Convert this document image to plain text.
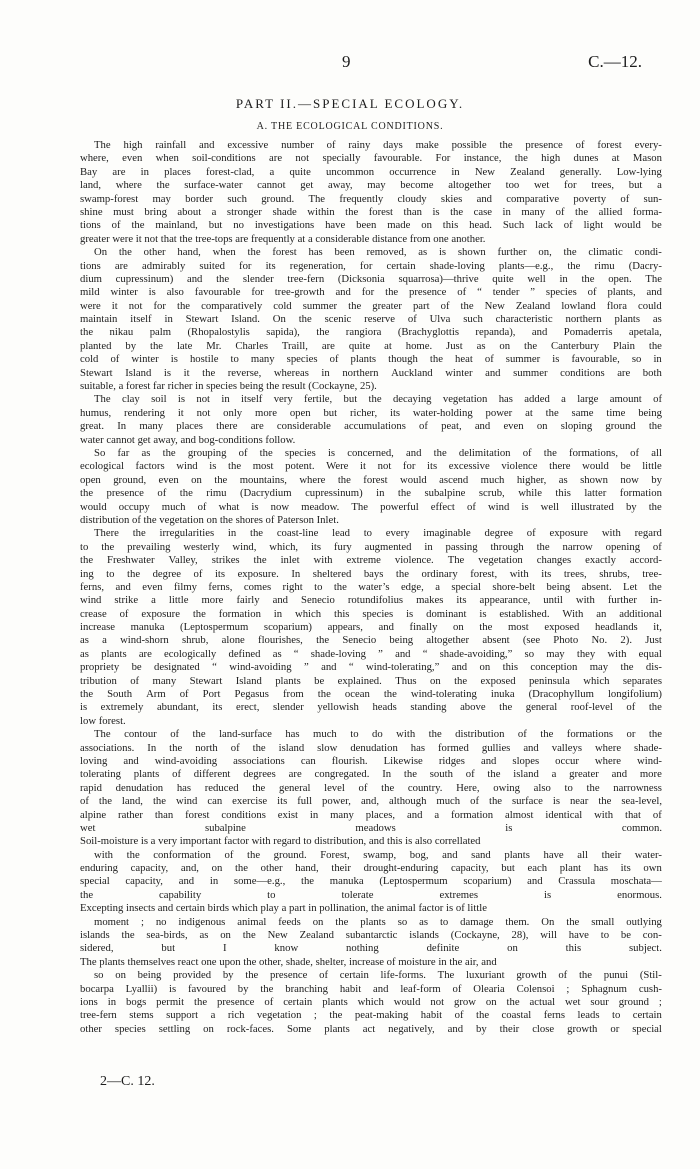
9	C.—12.
PART II.—SPECIAL ECOLOGY.
A. THE ECOLOGICAL CONDITIONS.
The high rainfall and excessive number of rainy days make possible the presence of forest every-
where, even when soil-conditions are not specially favourable. For instance, the high dunes at Mason
Bay are in places forest-clad, a quite uncommon occurrence in New Zealand generally. Low-lying
land, where the surface-water cannot get away, may become altogether too wet for trees, but a
swamp-forest may border such ground. The frequently cloudy skies and comparative poverty of sun-
shine must bring about a stronger shade within the forest than is the case in many of the allied forma-
tions of the mainland, but no investigations have been made on this head. Such lack of light would be
greater were it not that the tree-tops are frequently at a considerable distance from one another.
On the other hand, when the forest has been removed, as is shown further on, the climatic condi-
tions are admirably suited for its regeneration, for certain shade-loving plants—e.g., the rimu (Dacry-
dium cupressinum) and the slender tree-fern (Dicksonia squarrosa)—thrive quite well in the open. The
mild winter is also favourable for tree-growth and for the presence of “ tender ” species of plants, and
were it not for the comparatively cold summer the greater part of the New Zealand lowland flora could
maintain itself in Stewart Island. On the scenic reserve of Ulva such characteristic northern plants as
the nikau palm (Rhopalostylis sapida), the rangiora (Brachyglottis repanda), and Pomaderris apetala,
planted by the late Mr. Charles Traill, are quite at home. Just as on the Canterbury Plain the
cold of winter is hostile to many species of plants though the heat of summer is favourable, so in
Stewart Island is it the reverse, whereas in northern Auckland winter and summer conditions are both
suitable, a forest far richer in species being the result (Cockayne, 25).
The clay soil is not in itself very fertile, but the decaying vegetation has added a large amount of
humus, rendering it not only more open but richer, its water-holding power at the same time being
great. In many places there are considerable accumulations of peat, and even on sloping ground the
water cannot get away, and bog-conditions follow.
So far as the grouping of the species is concerned, and the delimitation of the formations, of all
ecological factors wind is the most potent. Were it not for its excessive violence there would be little
open ground, even on the mountains, where the forest would ascend much higher, as shown now by
the presence of the rimu (Dacrydium cupressinum) in the subalpine scrub, while this latter formation
would occupy much of what is now meadow. The powerful effect of wind is well illustrated by the
distribution of the vegetation on the shores of Paterson Inlet.
There the irregularities in the coast-line lead to every imaginable degree of exposure with regard
to the prevailing westerly wind, which, its fury augmented in passing through the narrow opening of
the Freshwater Valley, strikes the inlet with extreme violence. The vegetation changes exactly accord-
ing to the degree of its exposure. In sheltered bays the ordinary forest, with its trees, shrubs, tree-
ferns, and even filmy ferns, comes right to the water’s edge, a special shore-belt being absent. Let the
wind strike a little more fairly and Senecio rotundifolius makes its appearance, until with further in-
crease of exposure the formation in which this species is dominant is established. With an additional
increase manuka (Leptospermum scoparium) appears, and finally on the most exposed headlands it,
as a wind-shorn shrub, alone flourishes, the Senecio being altogether absent (see Photo No. 2). Just
as plants are ecologically defined as “ shade-loving ” and “ shade-avoiding,” so may they with equal
propriety be designated “ wind-avoiding ” and “ wind-tolerating,” and on this conception may the dis-
tribution of many Stewart Island plants be explained. Thus on the exposed peninsula which separates
the South Arm of Port Pegasus from the ocean the wind-tolerating inuka (Dracophyllum longifolium)
is extremely abundant, its erect, slender yellowish heads standing above the general roof-level of the
low forest.
The contour of the land-surface has much to do with the distribution of the formations or the
associations. In the north of the island slow denudation has formed gullies and valleys where shade-
loving and wind-avoiding associations can flourish. Likewise ridges and slopes occur where wind-
tolerating plants of different degrees are congregated. In the south of the island a greater and more
rapid denudation has reduced the general level of the country. Here, owing also to the narrowness
of the land, the wind can exercise its full power, and, although much of the surface is near the sea-level,
alpine rather than forest conditions exist in many places, and a formation almost identical with that of
wet	subalpine	meadows	is	common.
Soil-moisture is a very important factor with regard to distribution, and this is also correllated
with the conformation of the ground. Forest, swamp, bog, and sand plants have all their water-
enduring capacity, and, on the other hand, their drought-enduring capacity, but each plant has its own
special capacity, and in some—e.g., the manuka (Leptospermum scoparium) and Crassula moschata—
the	capability	to	tolerate	extremes	is	enormous.
Excepting insects and certain birds which play a part in pollination, the animal factor is of little
moment ; no indigenous animal feeds on the plants so as to damage them. On the small outlying
islands the sea-birds, as on the New Zealand subantarctic islands (Cockayne, 28), will have to be con-
sidered,	but	I	know	nothing	definite	on	this	subject.
The plants themselves react one upon the other, shade, shelter, increase of moisture in the air, and
so on being provided by the presence of certain life-forms. The luxuriant growth of the punui (Stil-
bocarpa Lyallii) is favoured by the branching habit and leaf-form of Olearia Colensoi ; Sphagnum cush-
ions in bogs permit the presence of certain plants which would not grow on the actual wet sour ground ;
tree-fern stems support a rich vegetation ; the peat-making habit of the coastal ferns leads to certain
other species settling on rock-faces. Some plants act negatively, and by their close growth or special
2—C. 12.
